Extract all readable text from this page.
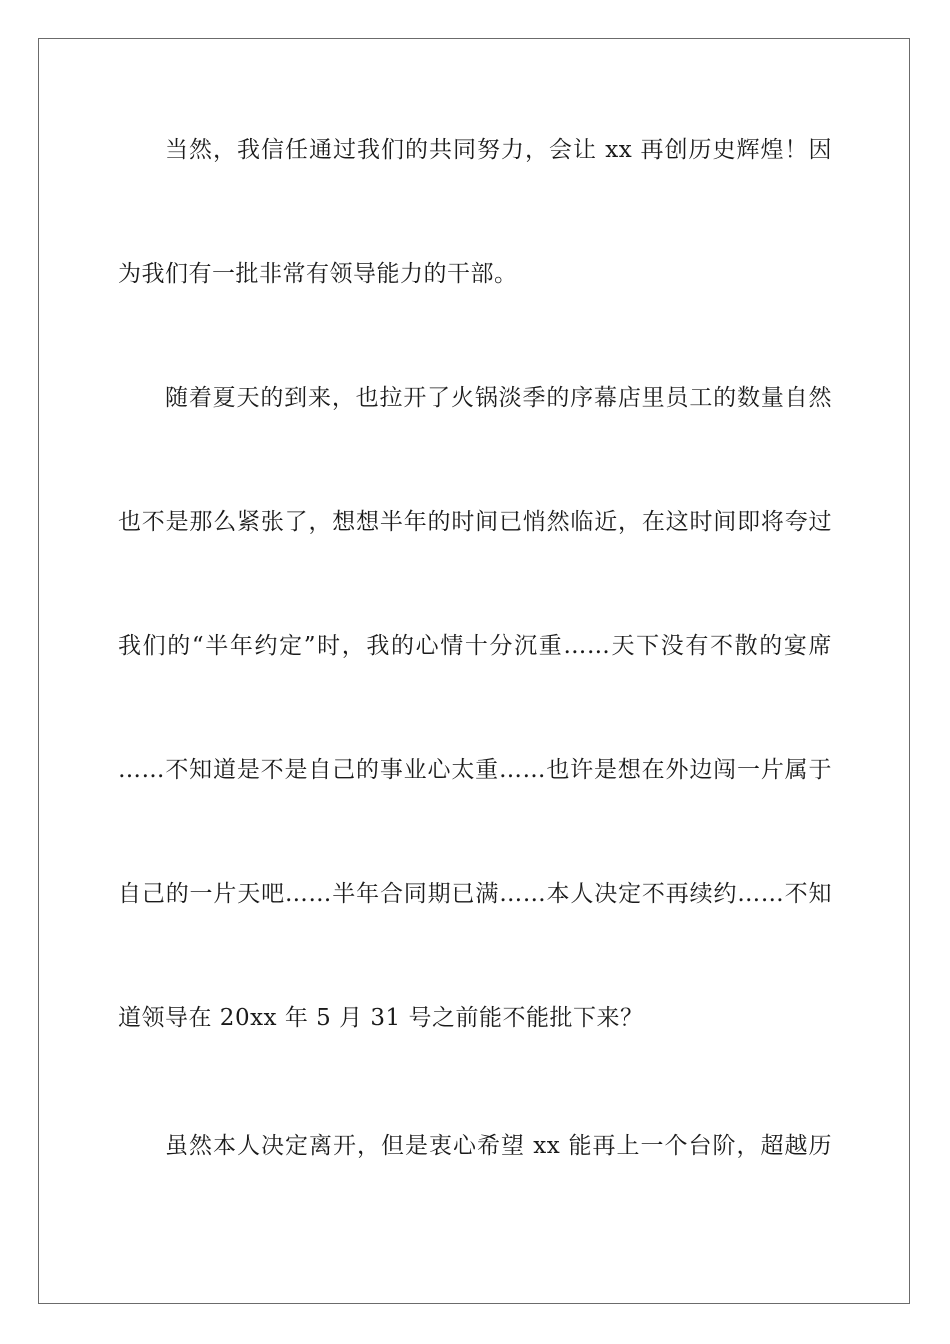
当然，我信任通过我们的共同努力，会让 xx 再创历史辉煌！因
为我们有一批非常有领导能力的干部。
随着夏天的到来，也拉开了火锅淡季的序幕店里员工的数量自然
也不是那么紧张了，想想半年的时间已悄然临近，在这时间即将夸过
我们的“半年约定”时，我的心情十分沉重……天下没有不散的宴席
……不知道是不是自己的事业心太重……也许是想在外边闯一片属于
自己的一片天吧……半年合同期已满……本人决定不再续约……不知
道领导在 20xx 年 5 月 31 号之前能不能批下来？
虽然本人决定离开，但是衷心希望 xx 能再上一个台阶，超越历
